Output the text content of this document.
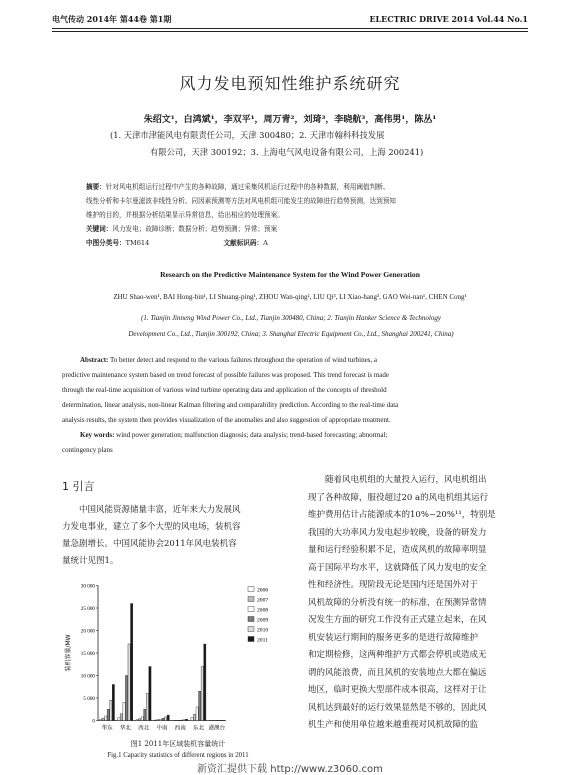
电气传动 2014年 第44卷 第1期	ELECTRIC DRIVE 2014 Vol.44 No.1
风力发电预知性维护系统研究
朱绍文¹，白鸿斌¹，李双平¹，周万青²，刘琦³，李晓航³，高伟男¹，陈丛¹
(1. 天津市津能风电有限责任公司，天津 300480；2. 天津市翰科科技发展
有限公司，天津 300192；3. 上海电气风电设备有限公司，上海 200241)
摘要：针对风电机组运行过程中产生的各种故障，通过采集风机运行过程中的各种数据，利用阈值判断、
线性分析和卡尔曼滤波非线性分析、同因素预测等方法对风电机组可能发生的故障进行趋势预测，达到预知
维护的目的，并根据分析结果显示异常信息，给出相应的处理预案。
关键词：风力发电；故障诊断；数据分析；趋势预测；异常；预案
中图分类号：TM614	文献标识码：A
Research on the Predictive Maintenance System for the Wind Power Generation
ZHU Shao-wen¹, BAI Hong-bin¹, LI Shuang-ping¹, ZHOU Wan-qing², LIU Qi³, LI Xiao-hang³, GAO Wei-nan¹, CHEN Cong¹
(1. Tianjin Jinneng Wind Power Co., Ltd., Tianjin 300480, China; 2. Tianjin Hanker Science & Technology
Development Co., Ltd., Tianjin 300192, China; 3. Shanghai Electric Equipment Co., Ltd., Shanghai 200241, China)
Abstract: To better detect and respond to the various failures throughout the operation of wind turbines, a
predictive maintenance system based on trend forecast of possible failures was proposed. This trend forecast is made
through the real-time acquisition of various wind turbine operating data and application of the concepts of threshold
determination, linear analysis, non-linear Kalman filtering and comparability prediction. According to the real-time data
analysis results, the system then provides visualization of the anomalies and also suggestion of appropriate treatment.
Key words: wind power generation; malfunction diagnosis; data analysis; trend-based forecasting; abnormal;
contingency plans
1 引言
中国风能资源储量丰富，近年来大力发展风
力发电事业，建立了多个大型的风电场，装机容
量急剧增长。中国风能协会2011年风电装机容
量统计见图1。
随着风电机组的大量投入运行，风电机组出
现了各种故障，服役超过20 a的风电机组其运行
维护费用估计占能源成本的10%~20%¹¹，特别是
我国的大功率风力发电起步较晚，设备的研发力
量和运行经验积累不足，造成风机的故障率明显
高于国际平均水平，这就降低了风力发电的安全
性和经济性。现阶段无论是国内还是国外对于
风机故障的分析没有统一的标准，在预测异常情
况发生方面的研究工作没有正式建立起来，在风
机安装运行期间的服务更多的是进行故障维护
和定期检修，这两种维护方式都会停机或造成无
谓的风能浪费，而且风机的安装地点大都在偏远
地区，临时更换大型部件成本很高，这样对于让
风机达到最好的运行效果显然是不够的，因此风
机生产和使用单位越来越重视对风机故障的监
0
5 000
10 000
15 000
20 000
25 000
30 000
装机容量/MW
华东 华北 西北 中南 西南 东北 港澳台
2006
2007
2008
2009
2010
2011
图1 2011年区域装机容量统计
Fig.1 Capacity statistics of different regions in 2011
新资汇提供下载 http://www.z3060.com
